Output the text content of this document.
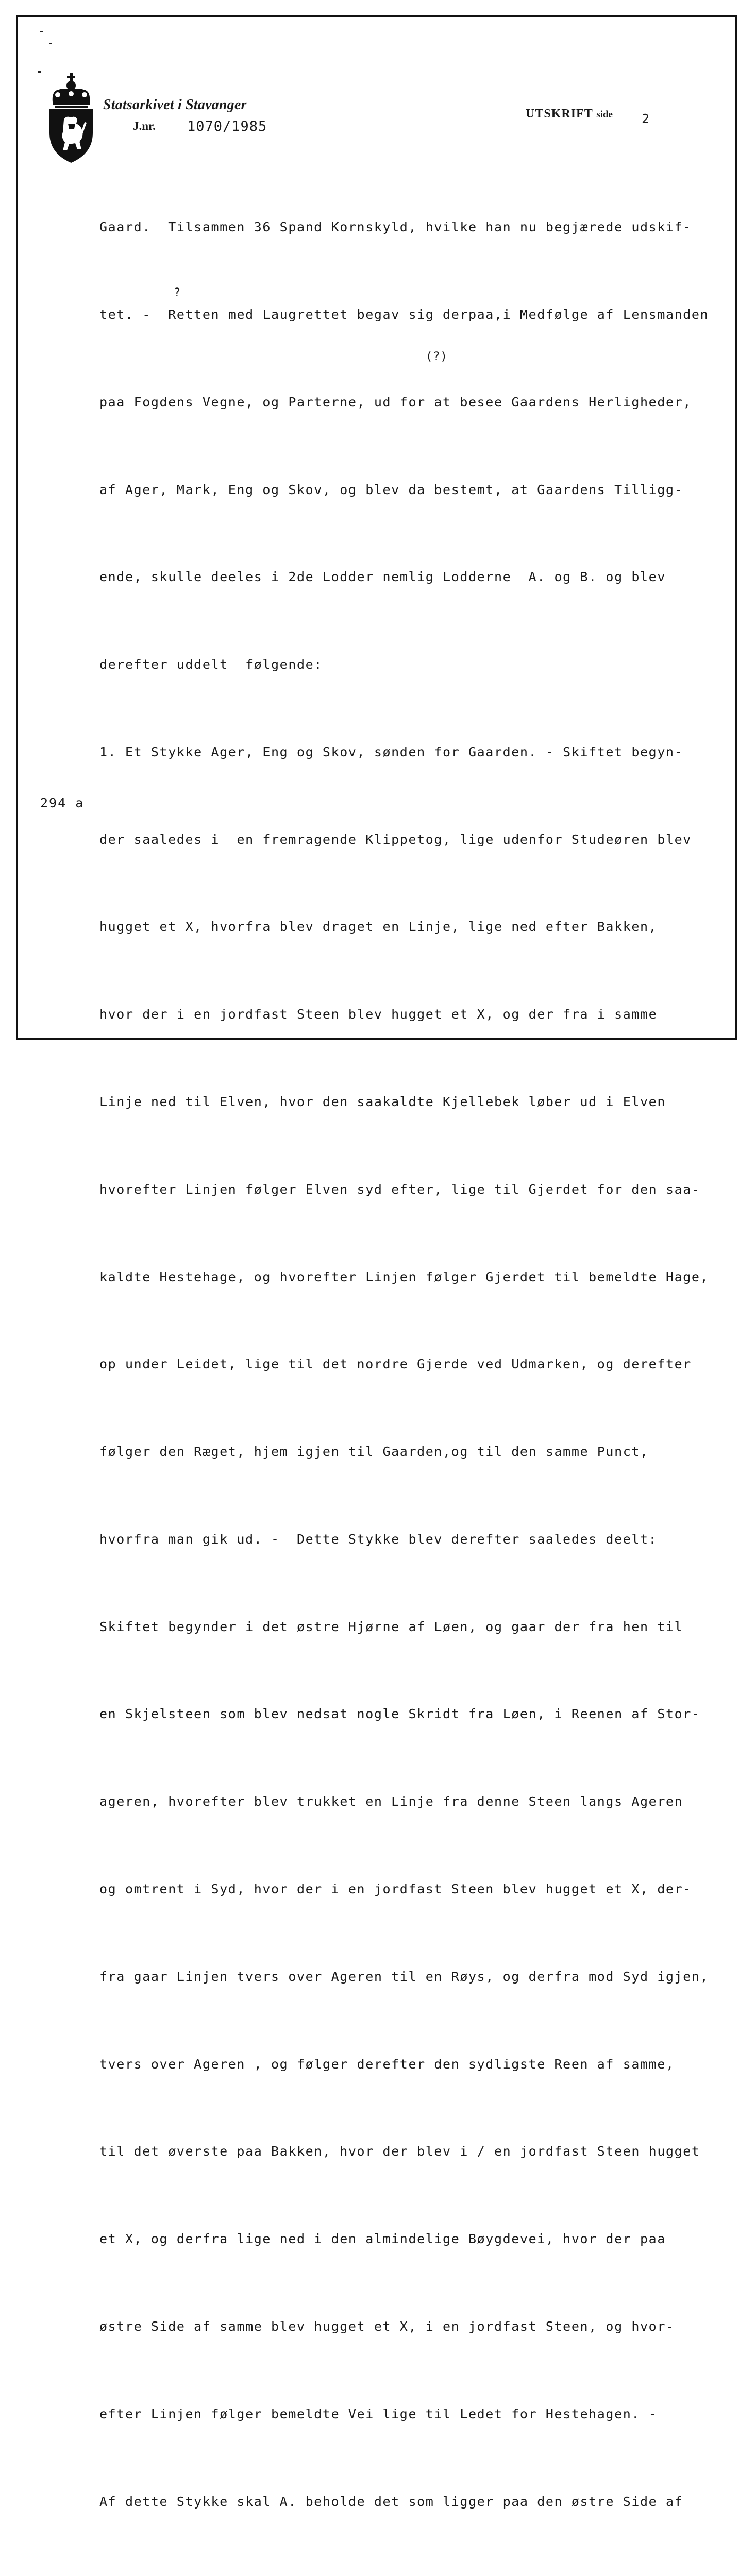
Statsarkivet i Stavanger
J.nr. 1070/1985
UTSKRIFT side 2
?
(?)
294 a

Gaard.  Tilsammen 36 Spand Kornskyld, hvilke han nu begjærede udskif-

tet. -  Retten med Laugrettet begav sig derpaa,i Medfølge af Lensmanden

paa Fogdens Vegne, og Parterne, ud for at besee Gaardens Herligheder,

af Ager, Mark, Eng og Skov, og blev da bestemt, at Gaardens Tilligg-

ende, skulle deeles i 2de Lodder nemlig Lodderne  A. og B. og blev

derefter uddelt  følgende:

1. Et Stykke Ager, Eng og Skov, sønden for Gaarden. - Skiftet begyn-

der saaledes i  en fremragende Klippetog, lige udenfor Studeøren blev

hugget et X, hvorfra blev draget en Linje, lige ned efter Bakken,

hvor der i en jordfast Steen blev hugget et X, og der fra i samme

Linje ned til Elven, hvor den saakaldte Kjellebek løber ud i Elven

hvorefter Linjen følger Elven syd efter, lige til Gjerdet for den saa-

kaldte Hestehage, og hvorefter Linjen følger Gjerdet til bemeldte Hage,

op under Leidet, lige til det nordre Gjerde ved Udmarken, og derefter

følger den Ræget, hjem igjen til Gaarden,og til den samme Punct,

hvorfra man gik ud. -  Dette Stykke blev derefter saaledes deelt:

Skiftet begynder i det østre Hjørne af Løen, og gaar der fra hen til

en Skjelsteen som blev nedsat nogle Skridt fra Løen, i Reenen af Stor-

ageren, hvorefter blev trukket en Linje fra denne Steen langs Ageren

og omtrent i Syd, hvor der i en jordfast Steen blev hugget et X, der-

fra gaar Linjen tvers over Ageren til en Røys, og derfra mod Syd igjen,

tvers over Ageren , og følger derefter den sydligste Reen af samme,

til det øverste paa Bakken, hvor der blev i / en jordfast Steen hugget

et X, og derfra lige ned i den almindelige Bøygdevei, hvor der paa

østre Side af samme blev hugget et X, i en jordfast Steen, og hvor-

efter Linjen følger bemeldte Vei lige til Ledet for Hestehagen. -

Af dette Stykke skal A. beholde det som ligger paa den østre Side af
